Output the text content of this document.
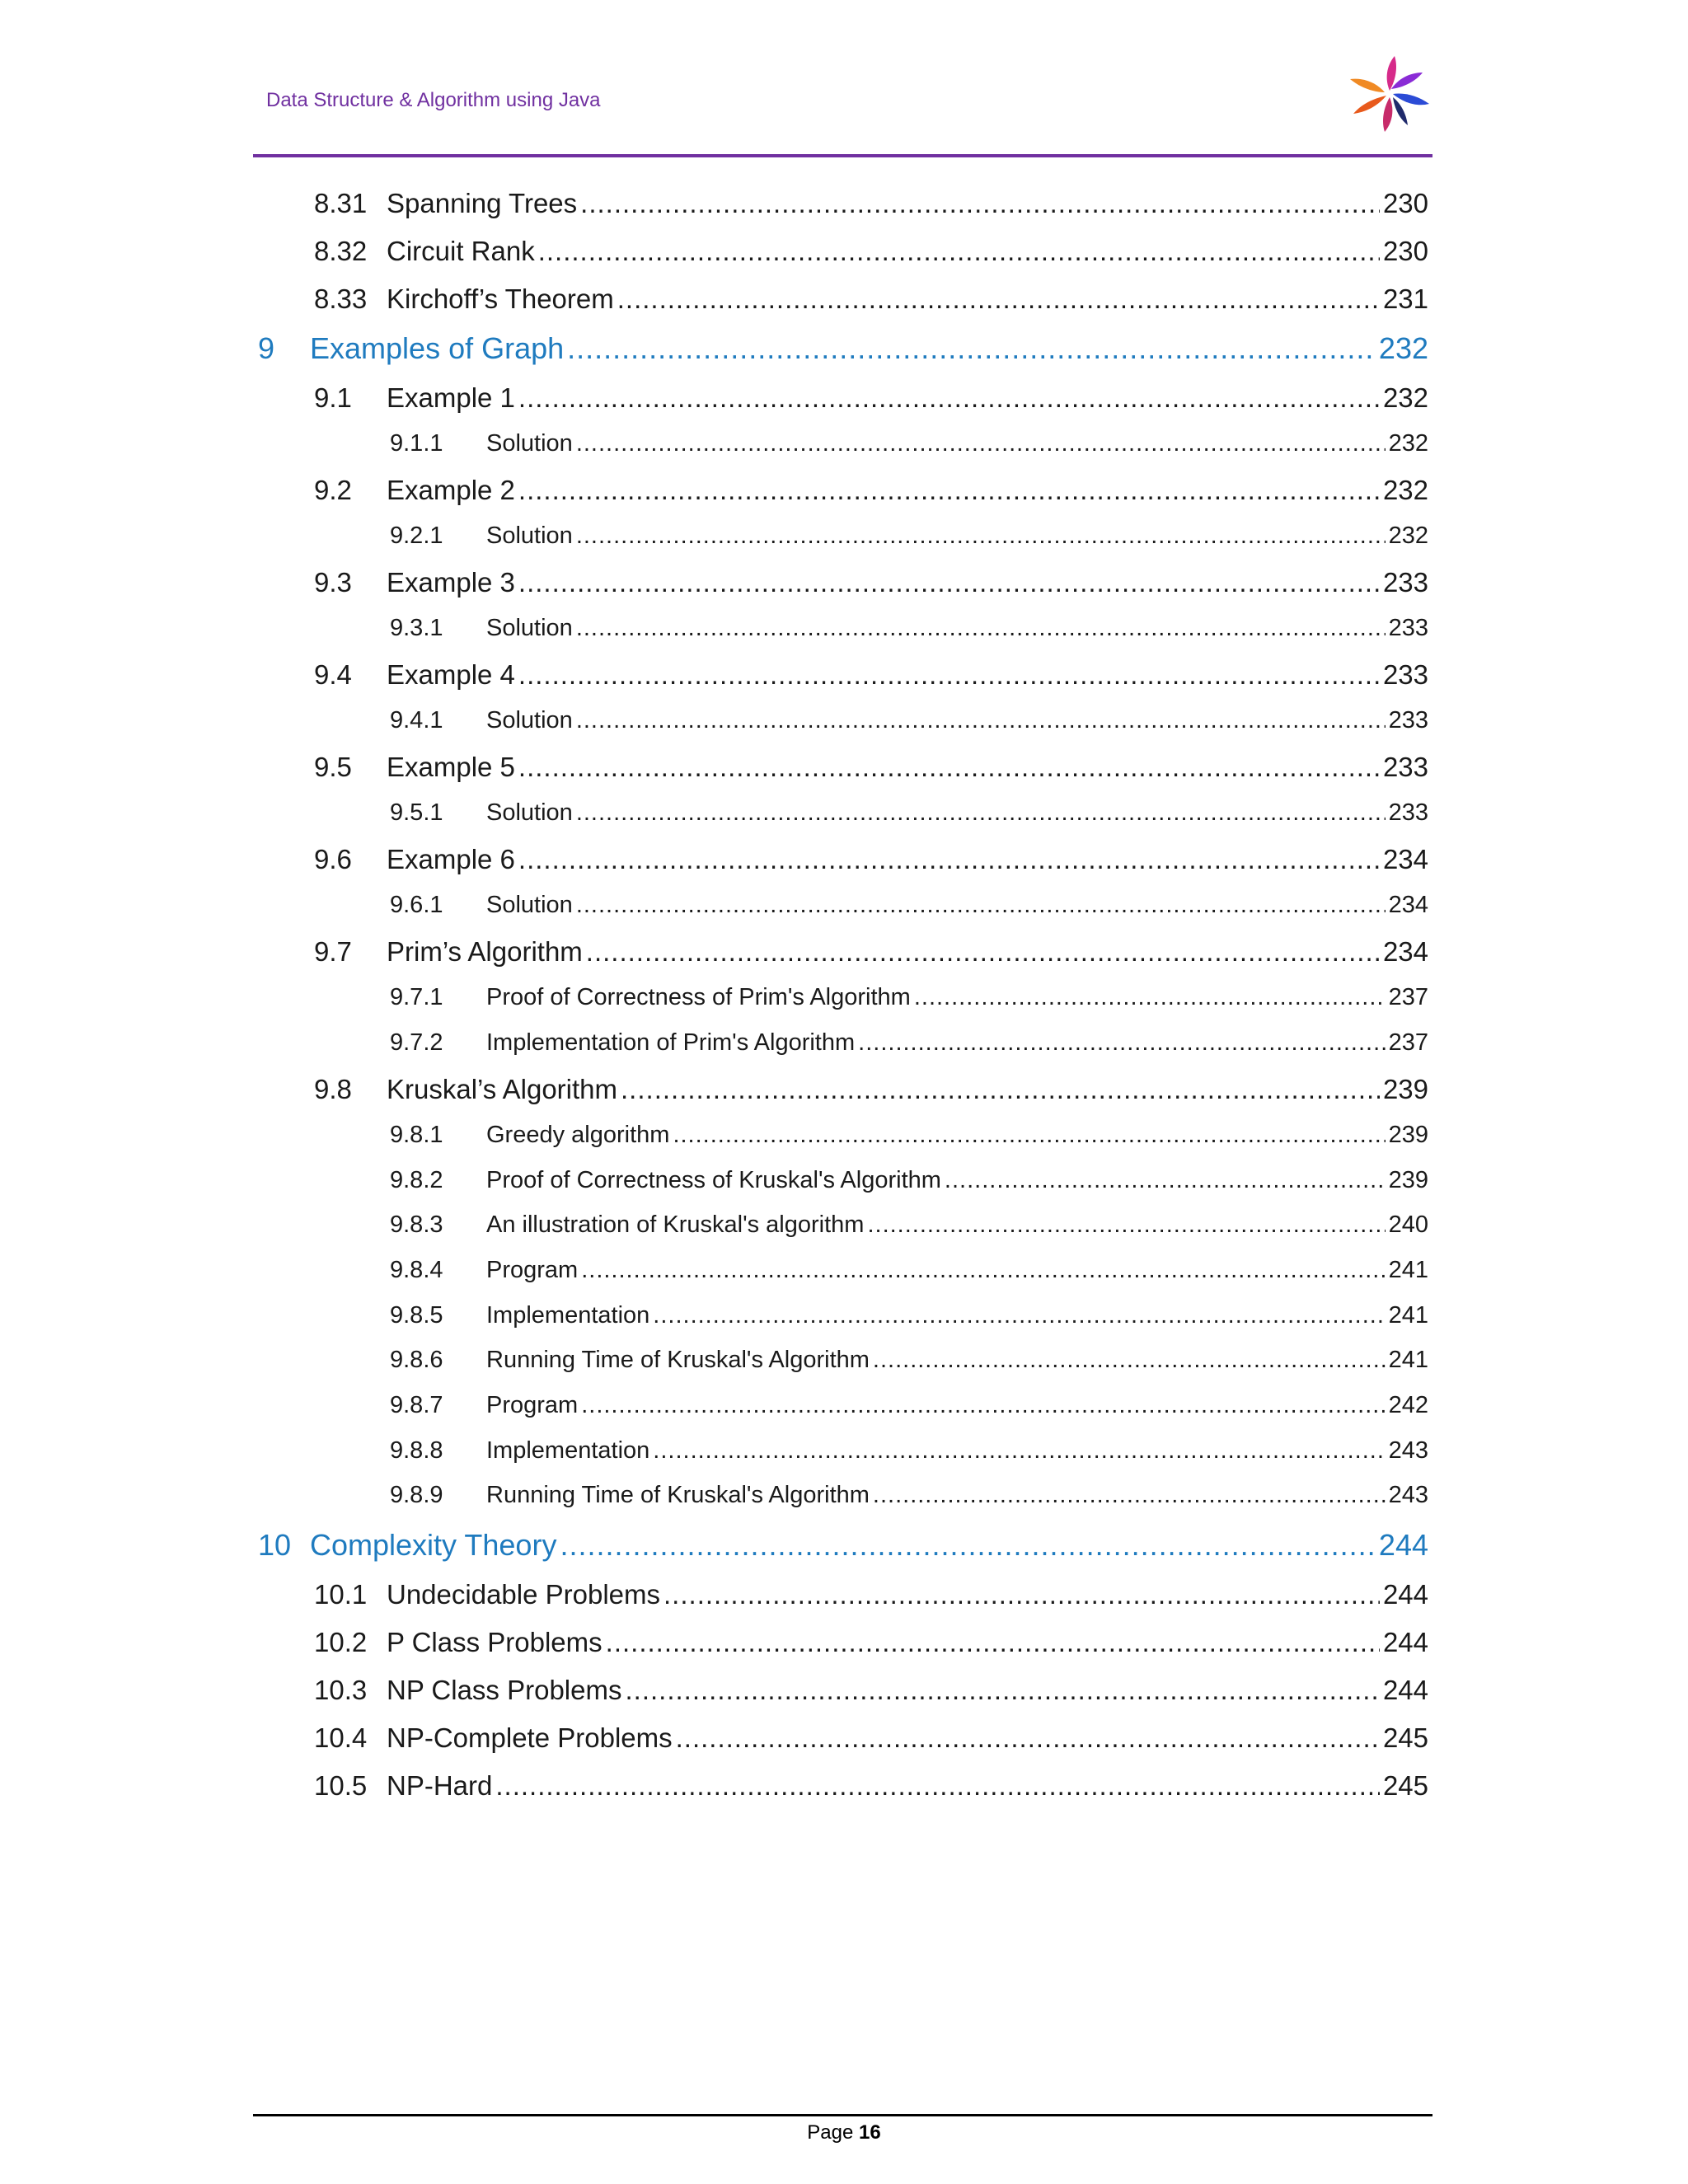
Data Structure & Algorithm using Java
8.31 Spanning Trees .....	230
8.32 Circuit Rank .....	230
8.33 Kirchoff’s Theorem .....	231
9	Examples of Graph .....	232
9.1	Example 1 .....	232
9.1.1	Solution .....	232
9.2	Example 2 .....	232
9.2.1	Solution .....	232
9.3	Example 3 .....	233
9.3.1	Solution .....	233
9.4	Example 4 .....	233
9.4.1	Solution .....	233
9.5	Example 5 .....	233
9.5.1	Solution .....	233
9.6	Example 6 .....	234
9.6.1	Solution .....	234
9.7	Prim’s Algorithm .....	234
9.7.1	Proof of Correctness of Prim's Algorithm .....	237
9.7.2	Implementation of Prim's Algorithm .....	237
9.8	Kruskal’s Algorithm .....	239
9.8.1	Greedy algorithm .....	239
9.8.2	Proof of Correctness of Kruskal's Algorithm .....	239
9.8.3	An illustration of Kruskal's algorithm .....	240
9.8.4	Program .....	241
9.8.5	Implementation .....	241
9.8.6	Running Time of Kruskal's Algorithm .....	241
9.8.7	Program .....	242
9.8.8	Implementation .....	243
9.8.9	Running Time of Kruskal's Algorithm .....	243
10 Complexity Theory .....	244
10.1 Undecidable Problems .....	244
10.2 P Class Problems .....	244
10.3 NP Class Problems .....	244
10.4 NP-Complete Problems .....	245
10.5 NP-Hard .....	245
Page 16
